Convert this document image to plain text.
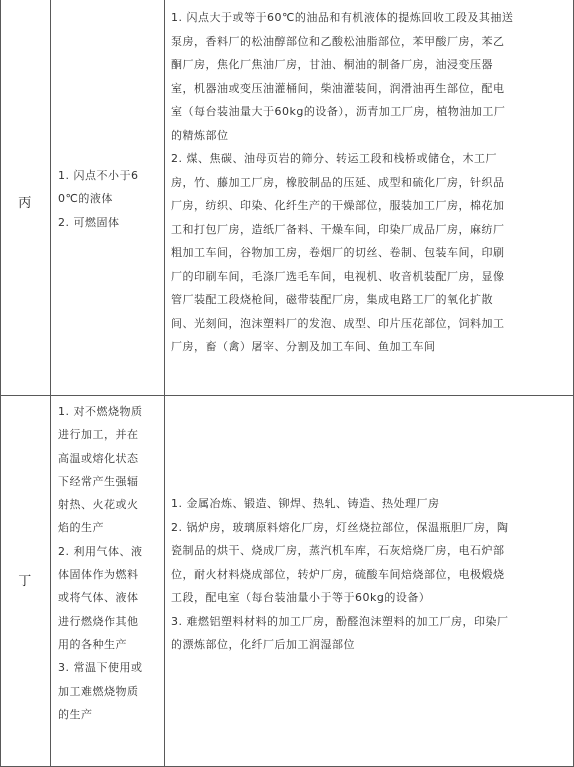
丙
1. 闪点不小于6
0℃的液体
2. 可燃固体
1. 闪点大于或等于60℃的油品和有机液体的提炼回收工段及其抽送
泵房，香料厂的松油醇部位和乙酸松油脂部位，苯甲酸厂房，苯乙
酮厂房，焦化厂焦油厂房，甘油、桐油的制备厂房，油浸变压器
室，机器油或变压油灌桶间，柴油灌装间，润滑油再生部位，配电
室（每台装油量大于60kg的设备），沥青加工厂房，植物油加工厂
的精炼部位
2. 煤、焦碳、油母页岩的筛分、转运工段和栈桥或储仓，木工厂
房，竹、藤加工厂房，橡胶制品的压延、成型和硫化厂房，针织品
厂房，纺织、印染、化纤生产的干燥部位，服装加工厂房，棉花加
工和打包厂房，造纸厂备料、干燥车间，印染厂成品厂房，麻纺厂
粗加工车间，谷物加工房，卷烟厂的切丝、卷制、包装车间，印刷
厂的印刷车间，毛涤厂选毛车间，电视机、收音机装配厂房，显像
管厂装配工段烧枪间，磁带装配厂房，集成电路工厂的氧化扩散
间、光刻间，泡沫塑料厂的发泡、成型、印片压花部位，饲料加工
厂房，畜（禽）屠宰、分割及加工车间、鱼加工车间
丁
1. 对不燃烧物质
进行加工，并在
高温或熔化状态
下经常产生强辐
射热、火花或火
焰的生产
2. 利用气体、液
体固体作为燃料
或将气体、液体
进行燃烧作其他
用的各种生产
3. 常温下使用或
加工难燃烧物质
的生产
1. 金属冶炼、锻造、铆焊、热轧、铸造、热处理厂房
2. 锅炉房，玻璃原料熔化厂房，灯丝烧拉部位，保温瓶胆厂房，陶
瓷制品的烘干、烧成厂房，蒸汽机车库，石灰焙烧厂房，电石炉部
位，耐火材料烧成部位，转炉厂房，硫酸车间焙烧部位，电极煅烧
工段，配电室（每台装油量小于等于60kg的设备）
3. 难燃铝塑料材料的加工厂房，酚醛泡沫塑料的加工厂房，印染厂
的漂炼部位，化纤厂后加工润湿部位
